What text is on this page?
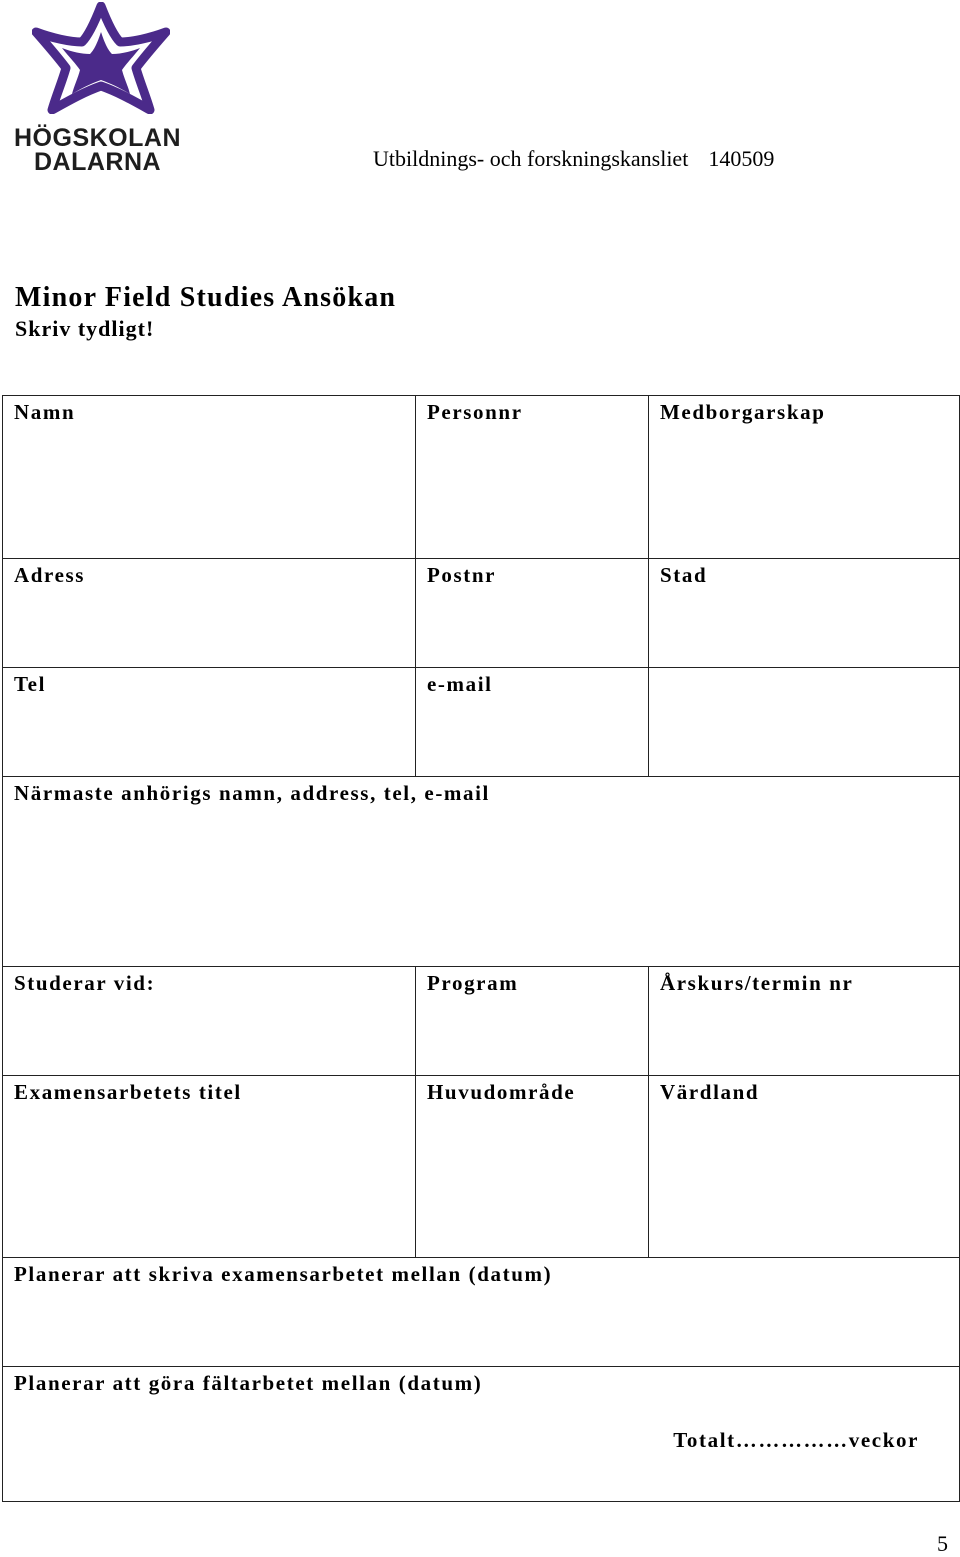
HÖGSKOLAN
DALARNA	Utbildnings- och forskningskansliet 140509
Minor Field Studies Ansökan
Skriv tydligt!
Namn	Personnr	Medborgarskap

Adress	Postnr	Stad

Tel	e-mail	

Närmaste anhörigs namn, address, tel, e-mail		

Studerar vid:	Program	Årskurs/termin nr

Examensarbetets titel	Huvudområde	Värdland

Planerar att skriva examensarbetet mellan (datum)		

Planerar att göra fältarbetet mellan (datum)
Totalt……………veckor		
5
